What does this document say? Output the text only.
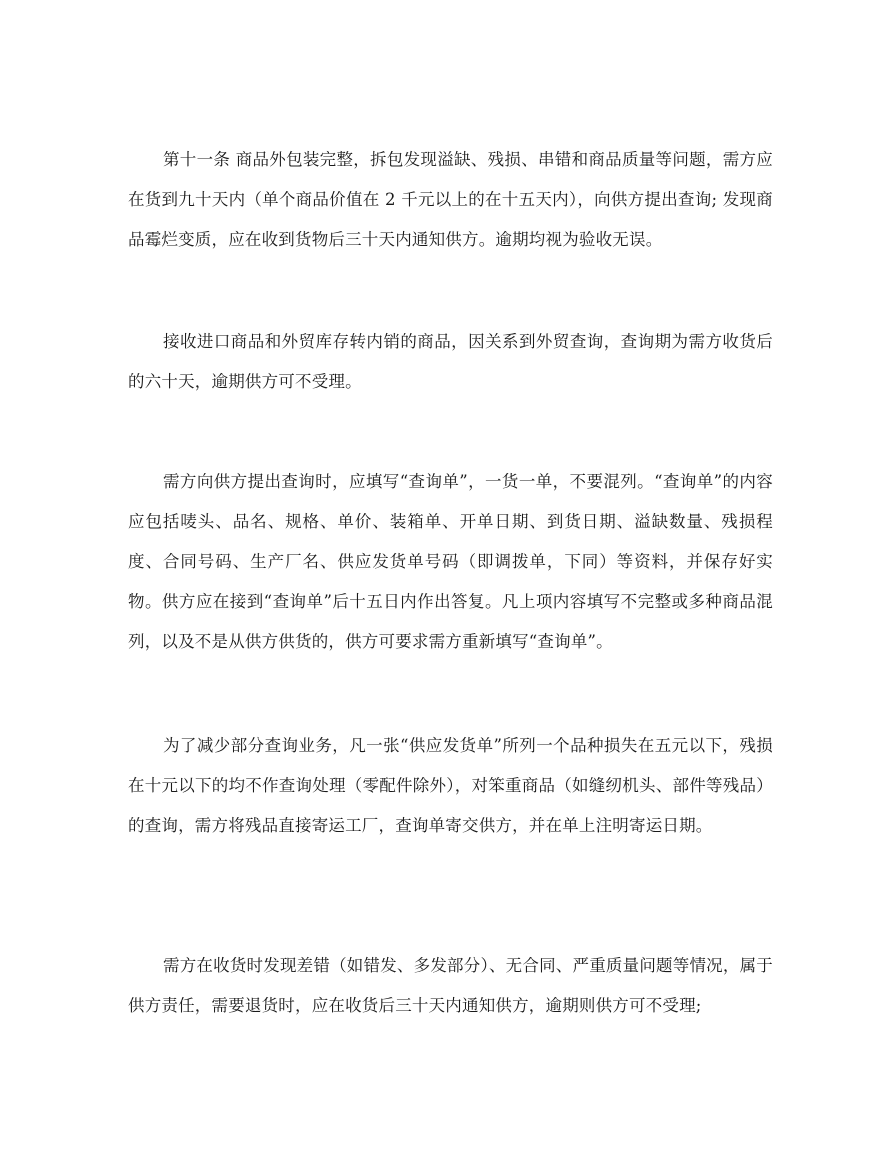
第十一条 商品外包装完整，拆包发现溢缺、残损、串错和商品质量等问题，需方应在货到九十天内（单个商品价值在 2 千元以上的在十五天内），向供方提出查询; 发现商品霉烂变质，应在收到货物后三十天内通知供方。逾期均视为验收无误。

接收进口商品和外贸库存转内销的商品，因关系到外贸查询，查询期为需方收货后的六十天，逾期供方可不受理。

需方向供方提出查询时，应填写“查询单”，一货一单，不要混列。“查询单”的内容应包括唛头、品名、规格、单价、装箱单、开单日期、到货日期、溢缺数量、残损程度、合同号码、生产厂名、供应发货单号码（即调拨单，下同）等资料，并保存好实物。供方应在接到“查询单”后十五日内作出答复。凡上项内容填写不完整或多种商品混列，以及不是从供方供货的，供方可要求需方重新填写“查询单”。

为了减少部分查询业务，凡一张“供应发货单”所列一个品种损失在五元以下，残损在十元以下的均不作查询处理（零配件除外），对笨重商品（如缝纫机头、部件等残品）的查询，需方将残品直接寄运工厂，查询单寄交供方，并在单上注明寄运日期。

需方在收货时发现差错（如错发、多发部分）、无合同、严重质量问题等情况，属于供方责任，需要退货时，应在收货后三十天内通知供方，逾期则供方可不受理;
